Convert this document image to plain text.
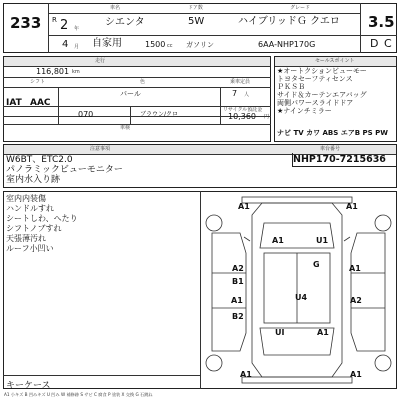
233 R 2 年
4 月
車名
シエンタ
自家用
ドア数
5W
1500 cc ガソリン
グレード
ハイブリッドＧ クエロ
6AA-NHP170G
3.5
D C
走行
シフト	色	乗車定員
車検
リサイクル預託金
116,801 km
IAT AAC
パール	7 人
070	ブラウン/クロ	10,360 円
セールスポイント
★オートクションビューモー
トヨタセーフティセンス
ＰＫＳＢ
サイド＆カーテンエアバッグ
両側パワースライドドア
★ナインチミラー
ナビ TV カワ ABS エアB PS PW
注意事項	車台番号
W6BT、ETC2.0
パノラミックビューモニター
室内水入り跡
NHP170-7215636
室内内装傷
ハンドルすれ
シートしわ、へたり
シフトノブすれ
天張薄汚れ
ルーフ小凹い
キーケース
A1	A1
A1	U1
G
A2
B1
A1
U4
A1	A2
UI
B2
A1
A1	A1
A1 小キズ B 凹みキズ U 凹み W 補修跡 S サビ C 腐食 P 塗装 X 交換 G 石跳ね
